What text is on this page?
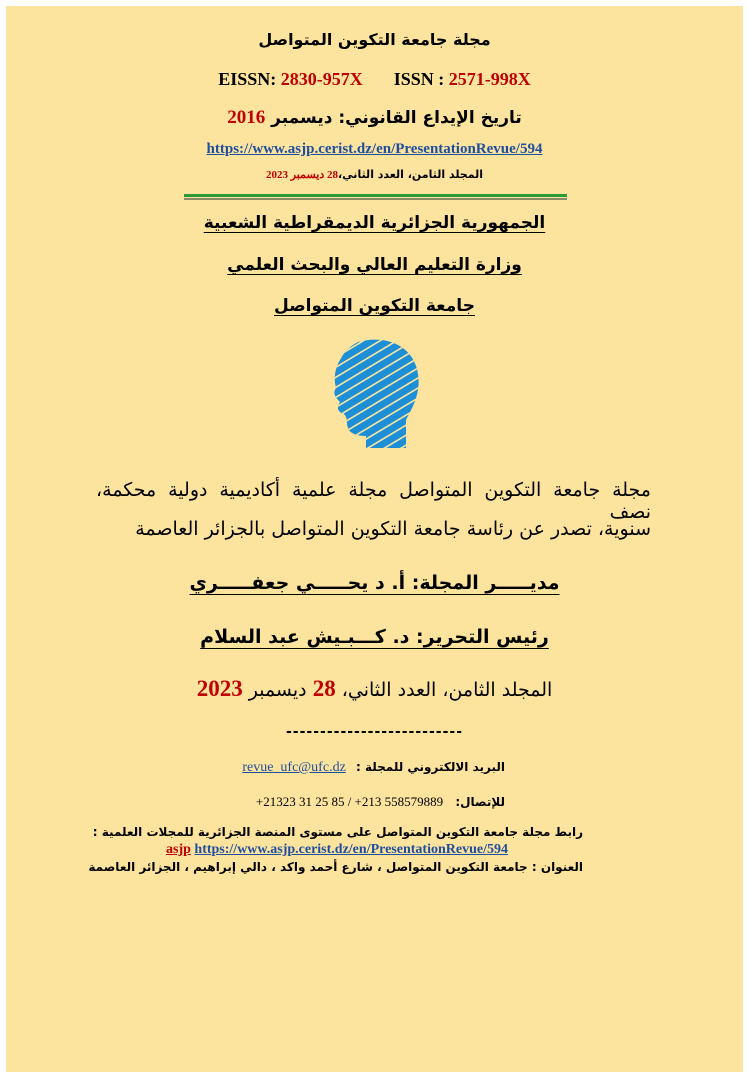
مجلة جامعة التكوين المتواصل
EISSN: 2830-957X ISSN : 2571-998X
تاريخ الإيداع القانوني: ديسمبر 2016
https://www.asjp.cerist.dz/en/PresentationRevue/594
المجلد الثامن، العدد الثاني،28 ديسمبر 2023
الجمهورية الجزائرية الديمقراطية الشعبية
وزارة التعليم العالي والبحث العلمي
جامعة التكوين المتواصل
مجلة جامعة التكوين المتواصل مجلة علمية أكاديمية دولية محكمة، نصف
سنوية، تصدر عن رئاسة جامعة التكوين المتواصل بالجزائر العاصمة
مديـــــر المجلة: أ. د يحـــــي جعفـــــري
رئيس التحرير: د. كـــبـيش عبد السلام
المجلد الثامن، العدد الثاني، 28 ديسمبر 2023
--------------------------
البريد الالكتروني للمجلة : revue_ufc@ufc.dz
للإتصال: +21323 31 25 85 / +213 558579889
رابط مجلة جامعة التكوين المتواصل على مستوى المنصة الجزائرية للمجلات العلمية :
asjp https://www.asjp.cerist.dz/en/PresentationRevue/594
العنوان : جامعة التكوين المتواصل ، شارع أحمد واكد ، دالي إبراهيم ، الجزائر العاصمة
